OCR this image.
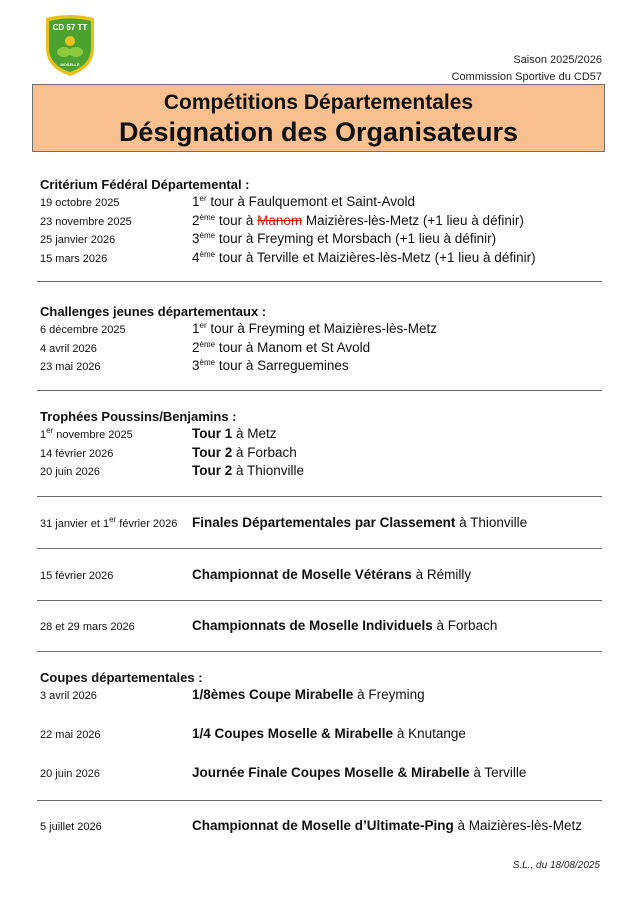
CD 57 TT
MOSELLE	Saison 2025/2026
Commission Sportive du CD57
Compétitions Départementales
Désignation des Organisateurs
Critérium Fédéral Départemental :
19 octobre 2025	1er tour à Faulquemont et Saint-Avold
23 novembre 2025	2ème tour à Manom Maizières-lès-Metz (+1 lieu à définir)
25 janvier 2026	3ème tour à Freyming et Morsbach (+1 lieu à définir)
15 mars 2026	4ème tour à Terville et Maizières-lès-Metz (+1 lieu à définir)
Challenges jeunes départementaux :
6 décembre 2025	1er tour à Freyming et Maizières-lès-Metz
4 avril 2026	2ème tour à Manom et St Avold
23 mai 2026	3ème tour à Sarreguemines
Trophées Poussins/Benjamins :
1er novembre 2025	Tour 1 à Metz
14 février 2026	Tour 2 à Forbach
20 juin 2026	Tour 2 à Thionville
31 janvier et 1er février 2026	Finales Départementales par Classement à Thionville
15 février 2026	Championnat de Moselle Vétérans à Rémilly
28 et 29 mars 2026	Championnats de Moselle Individuels à Forbach
Coupes départementales :
3 avril 2026	1/8èmes Coupe Mirabelle à Freyming
22 mai 2026	1/4 Coupes Moselle & Mirabelle à Knutange
20 juin 2026	Journée Finale Coupes Moselle & Mirabelle à Terville
5 juillet 2026	Championnat de Moselle d’Ultimate-Ping à Maizières-lès-Metz
S.L., du 18/08/2025
